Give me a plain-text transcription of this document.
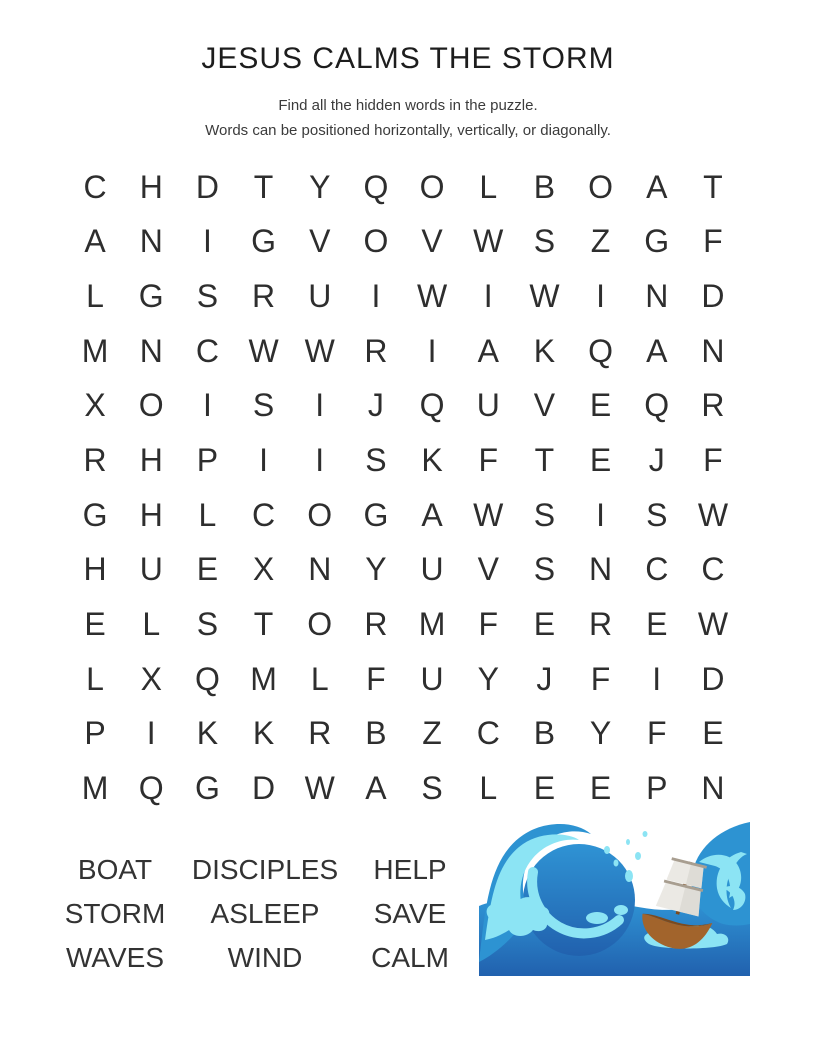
JESUS CALMS THE STORM
Find all the hidden words in the puzzle.
Words can be positioned horizontally, vertically, or diagonally.
C	H	D	T	Y	Q O	L	B	O	A	T
A	N	I	G	V	O	V W S	Z	G	F
L	G	S	R	U	I	W	I	W	I	N	D
M N	C W W R	I	A	K	Q	A	N
X	O	I	S	I	J	Q	U	V	E	Q	R
R	H	P	I	I	S	K	F	T	E	J	F
G	H	L	C	O G	A W S	I	S W
H	U	E	X	N	Y	U	V	S	N	C	C
E	L	S	T	O	R M	F	E	R	E W
L	X	Q M	L	F	U	Y	J	F	I	D
P	I	K	K	R	B	Z	C	B	Y	F	E
M Q G	D W A	S	L	E	E	P	N
BOAT
STORM
WAVES
DISCIPLES
ASLEEP
WIND
HELP
SAVE
CALM
